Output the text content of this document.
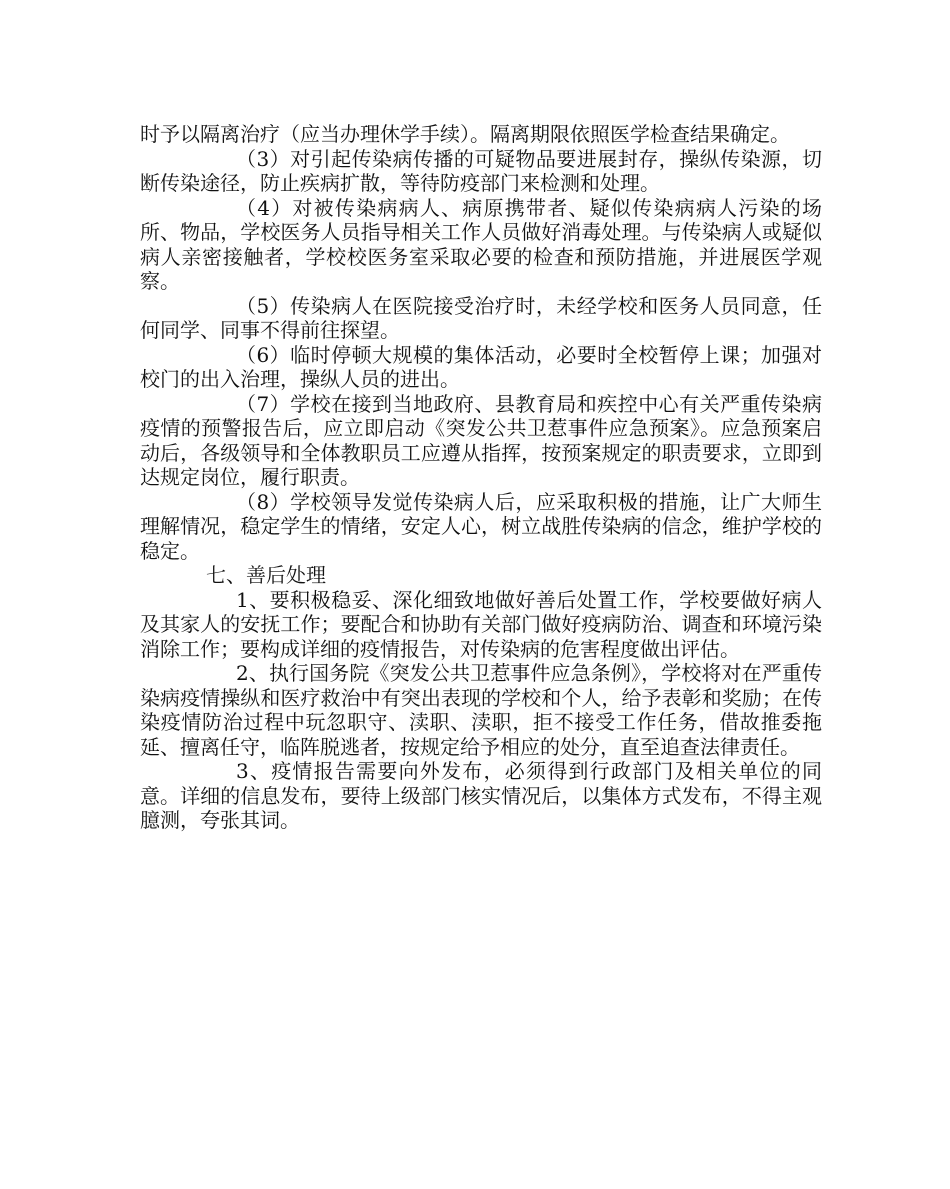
时予以隔离治疗（应当办理休学手续）。隔离期限依照医学检查结果确定。

（3）对引起传染病传播的可疑物品要进展封存，操纵传染源，切断传染途径，防止疾病扩散，等待防疫部门来检测和处理。

（4）对被传染病病人、病原携带者、疑似传染病病人污染的场所、物品，学校医务人员指导相关工作人员做好消毒处理。与传染病人或疑似病人亲密接触者，学校校医务室采取必要的检查和预防措施，并进展医学观察。

（5）传染病人在医院接受治疗时，未经学校和医务人员同意，任何同学、同事不得前往探望。

（6）临时停顿大规模的集体活动，必要时全校暂停上课；加强对校门的出入治理，操纵人员的进出。

（7）学校在接到当地政府、县教育局和疾控中心有关严重传染病疫情的预警报告后，应立即启动《突发公共卫惹事件应急预案》。应急预案启动后，各级领导和全体教职员工应遵从指挥，按预案规定的职责要求，立即到达规定岗位，履行职责。

（8）学校领导发觉传染病人后，应采取积极的措施，让广大师生理解情况，稳定学生的情绪，安定人心，树立战胜传染病的信念，维护学校的稳定。

七、善后处理

1、要积极稳妥、深化细致地做好善后处置工作，学校要做好病人及其家人的安抚工作；要配合和协助有关部门做好疫病防治、调查和环境污染消除工作；要构成详细的疫情报告，对传染病的危害程度做出评估。

2、执行国务院《突发公共卫惹事件应急条例》，学校将对在严重传染病疫情操纵和医疗救治中有突出表现的学校和个人，给予表彰和奖励；在传染疫情防治过程中玩忽职守、渎职、渎职，拒不接受工作任务，借故推委拖延、擅离任守，临阵脱逃者，按规定给予相应的处分，直至追查法律责任。

3、疫情报告需要向外发布，必须得到行政部门及相关单位的同意。详细的信息发布，要待上级部门核实情况后，以集体方式发布，不得主观臆测，夸张其词。
